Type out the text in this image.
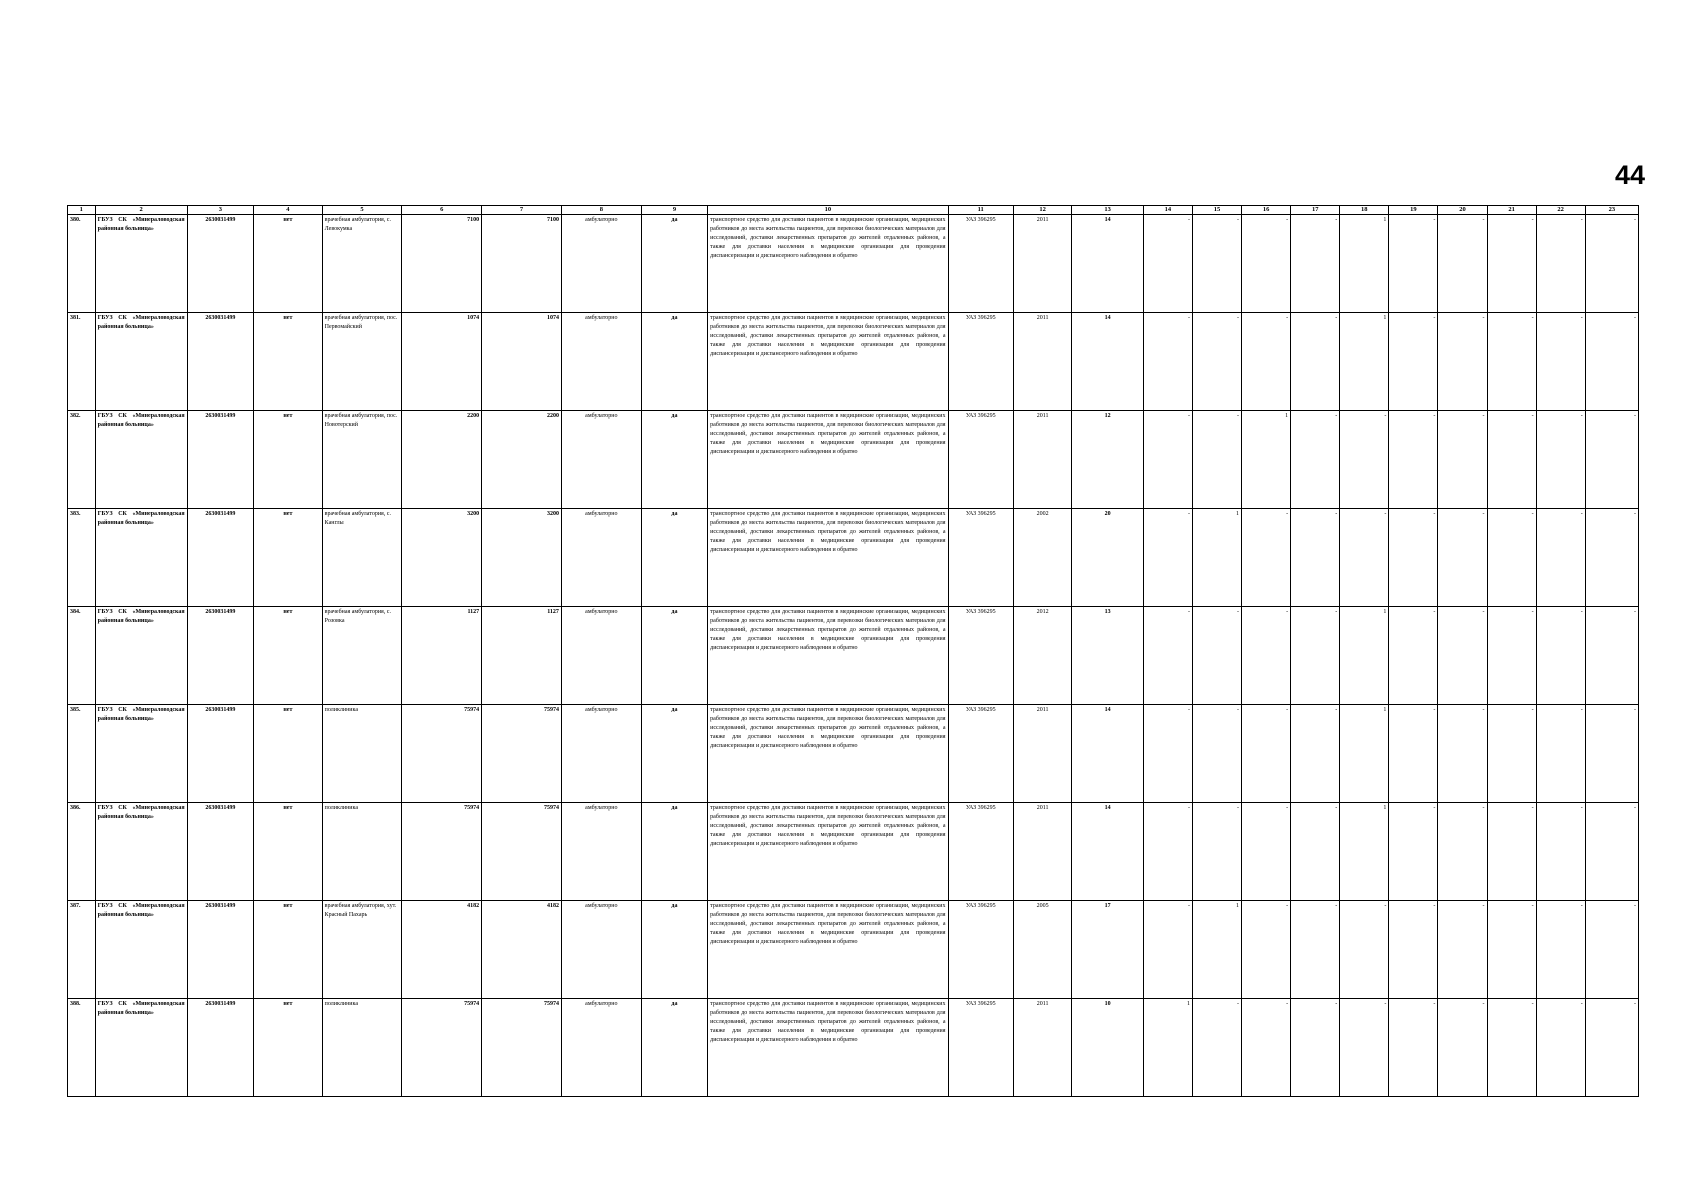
44
1	2	3	4	5	6	7	8	9	10	11	12	13	14	15	16	17	18	19	20	21	22	23
380.	ГБУЗ СК «Минераловодская районная больница»	2630031499	нет	врачебная амбулатория, с. Левокумка	7100	7100	амбулаторно	да	транспортное средство для доставки пациентов в медицинские организации, медицинских работников до места жительства пациентов, для перевозки биологических материалов для исследований, доставки лекарственных препаратов до жителей отдаленных районов, а также для доставки населения в медицинские организации для проведения диспансеризации и диспансерного наблюдения и обратно	УАЗ 396295	2011	14	-	-	-	-	1	-	-	-	-	-
381.	ГБУЗ СК «Минераловодская районная больница»	2630031499	нет	врачебная амбулатория, пос. Первомайский	1074	1074	амбулаторно	да	транспортное средство для доставки пациентов в медицинские организации, медицинских работников до места жительства пациентов, для перевозки биологических материалов для исследований, доставки лекарственных препаратов до жителей отдаленных районов, а также для доставки населения в медицинские организации для проведения диспансеризации и диспансерного наблюдения и обратно	УАЗ 396295	2011	14	-	-	-	-	1	-	-	-	-	-
382.	ГБУЗ СК «Минераловодская районная больница»	2630031499	нет	врачебная амбулатория, пос. Новотерский	2200	2200	амбулаторно	да	транспортное средство для доставки пациентов в медицинские организации, медицинских работников до места жительства пациентов, для перевозки биологических материалов для исследований, доставки лекарственных препаратов до жителей отдаленных районов, а также для доставки населения в медицинские организации для проведения диспансеризации и диспансерного наблюдения и обратно	УАЗ 396295	2011	12	-	-	1	-	-	-	-	-	-	-
383.	ГБУЗ СК «Минераловодская районная больница»	2630031499	нет	врачебная амбулатория, с. Канглы	3200	3200	амбулаторно	да	транспортное средство для доставки пациентов в медицинские организации, медицинских работников до места жительства пациентов, для перевозки биологических материалов для исследований, доставки лекарственных препаратов до жителей отдаленных районов, а также для доставки населения в медицинские организации для проведения диспансеризации и диспансерного наблюдения и обратно	УАЗ 396295	2002	20	-	1	-	-	-	-	-	-	-	-
384.	ГБУЗ СК «Минераловодская районная больница»	2630031499	нет	врачебная амбулатория, с. Розовка	1127	1127	амбулаторно	да	транспортное средство для доставки пациентов в медицинские организации, медицинских работников до места жительства пациентов, для перевозки биологических материалов для исследований, доставки лекарственных препаратов до жителей отдаленных районов, а также для доставки населения в медицинские организации для проведения диспансеризации и диспансерного наблюдения и обратно	УАЗ 396295	2012	13	-	-	-	-	1	-	-	-	-	-
385.	ГБУЗ СК «Минераловодская районная больница»	2630031499	нет	поликлиника	75974	75974	амбулаторно	да	транспортное средство для доставки пациентов в медицинские организации, медицинских работников до места жительства пациентов, для перевозки биологических материалов для исследований, доставки лекарственных препаратов до жителей отдаленных районов, а также для доставки населения в медицинские организации для проведения диспансеризации и диспансерного наблюдения и обратно	УАЗ 396295	2011	14	-	-	-	-	1	-	-	-	-	-
386.	ГБУЗ СК «Минераловодская районная больница»	2630031499	нет	поликлиника	75974	75974	амбулаторно	да	транспортное средство для доставки пациентов в медицинские организации, медицинских работников до места жительства пациентов, для перевозки биологических материалов для исследований, доставки лекарственных препаратов до жителей отдаленных районов, а также для доставки населения в медицинские организации для проведения диспансеризации и диспансерного наблюдения и обратно	УАЗ 396295	2011	14	-	-	-	-	1	-	-	-	-	-
387.	ГБУЗ СК «Минераловодская районная больница»	2630031499	нет	врачебная амбулатория, хут. Красный Пахарь	4182	4182	амбулаторно	да	транспортное средство для доставки пациентов в медицинские организации, медицинских работников до места жительства пациентов, для перевозки биологических материалов для исследований, доставки лекарственных препаратов до жителей отдаленных районов, а также для доставки населения в медицинские организации для проведения диспансеризации и диспансерного наблюдения и обратно	УАЗ 396295	2005	17	-	1	-	-	-	-	-	-	-	-
388.	ГБУЗ СК «Минераловодская районная больница»	2630031499	нет	поликлиника	75974	75974	амбулаторно	да	транспортное средство для доставки пациентов в медицинские организации, медицинских работников до места жительства пациентов, для перевозки биологических материалов для исследований, доставки лекарственных препаратов до жителей отдаленных районов, а также для доставки населения в медицинские организации для проведения диспансеризации и диспансерного наблюдения и обратно	УАЗ 396295	2011	10	1	-	-	-	-	-	-	-	-	-
